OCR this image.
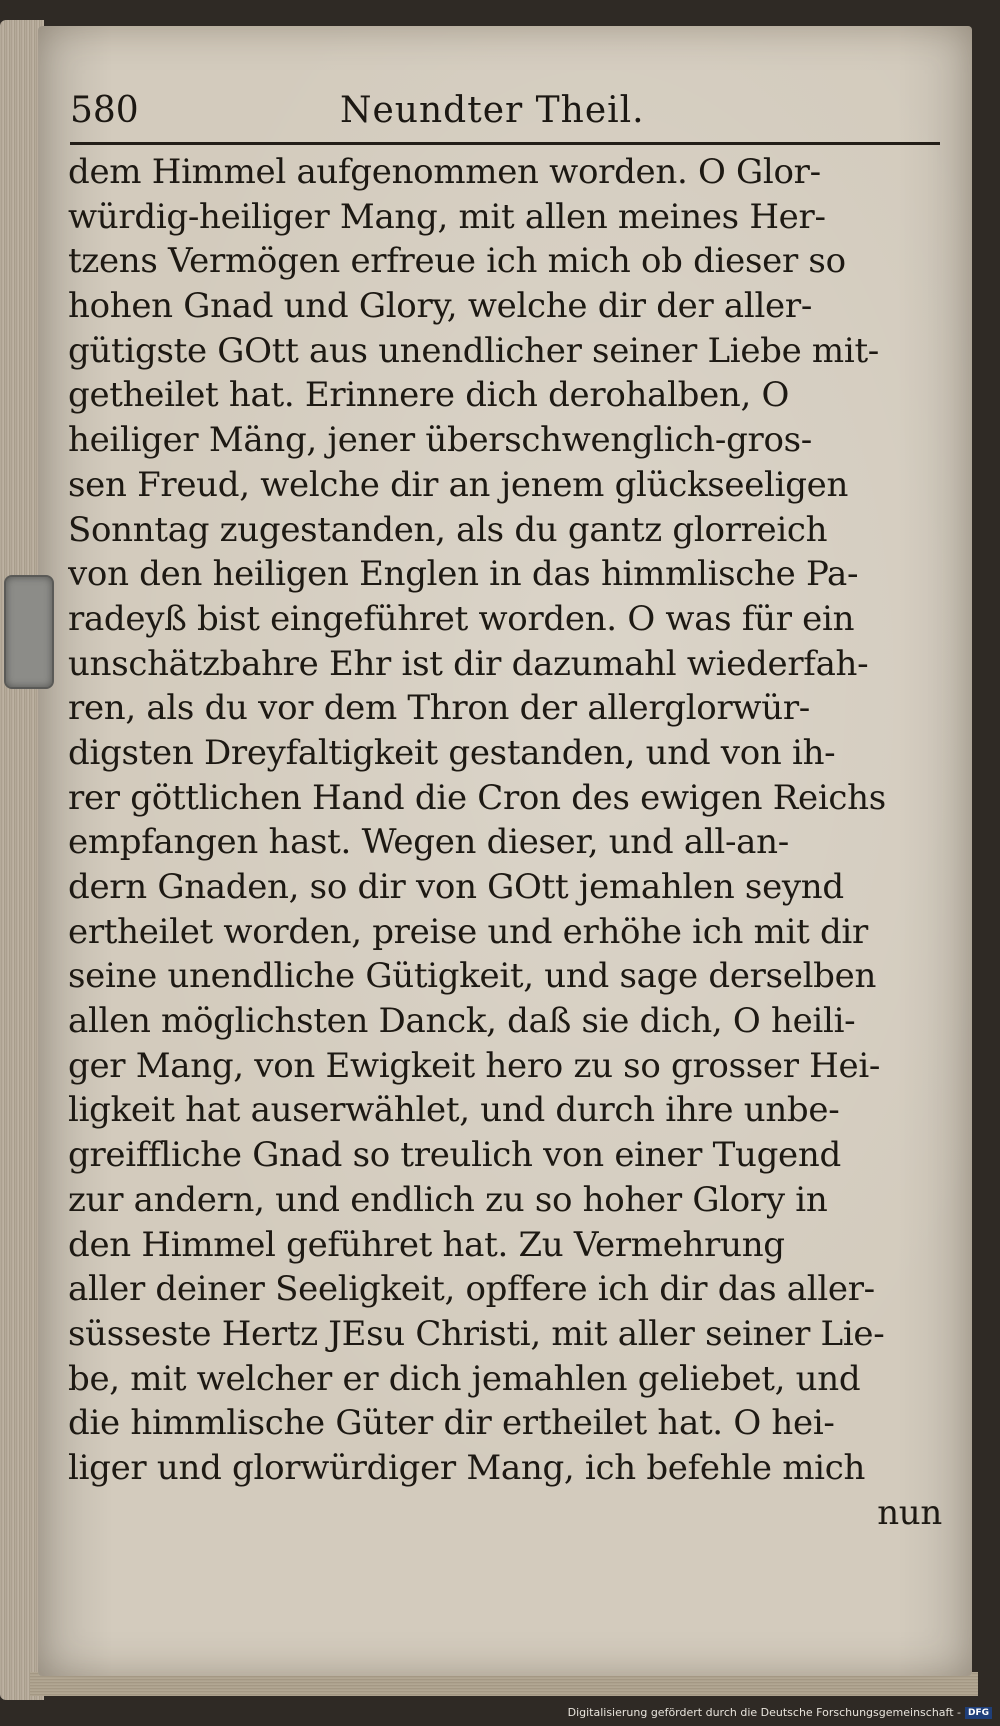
580	Neundter Theil.
dem Himmel aufgenommen worden. O Glor-
würdig-heiliger Mang, mit allen meines Her-
tzens Vermögen erfreue ich mich ob dieser so
hohen Gnad und Glory, welche dir der aller-
gütigste GOtt aus unendlicher seiner Liebe mit-
getheilet hat. Erinnere dich derohalben, O
heiliger Mäng, jener überschwenglich-gros-
sen Freud, welche dir an jenem glückseeligen
Sonntag zugestanden, als du gantz glorreich
von den heiligen Englen in das himmlische Pa-
radeyß bist eingeführet worden. O was für ein
unschätzbahre Ehr ist dir dazumahl wiederfah-
ren, als du vor dem Thron der allerglorwür-
digsten Dreyfaltigkeit gestanden, und von ih-
rer göttlichen Hand die Cron des ewigen Reichs
empfangen hast. Wegen dieser, und all-an-
dern Gnaden, so dir von GOtt jemahlen seynd
ertheilet worden, preise und erhöhe ich mit dir
seine unendliche Gütigkeit, und sage derselben
allen möglichsten Danck, daß sie dich, O heili-
ger Mang, von Ewigkeit hero zu so grosser Hei-
ligkeit hat auserwählet, und durch ihre unbe-
greiffliche Gnad so treulich von einer Tugend
zur andern, und endlich zu so hoher Glory in
den Himmel geführet hat. Zu Vermehrung
aller deiner Seeligkeit, opffere ich dir das aller-
süsseste Hertz JEsu Christi, mit aller seiner Lie-
be, mit welcher er dich jemahlen geliebet, und
die himmlische Güter dir ertheilet hat. O hei-
liger und glorwürdiger Mang, ich befehle mich
nun
Digitalisierung gefördert durch die Deutsche Forschungsgemeinschaft - DFG
